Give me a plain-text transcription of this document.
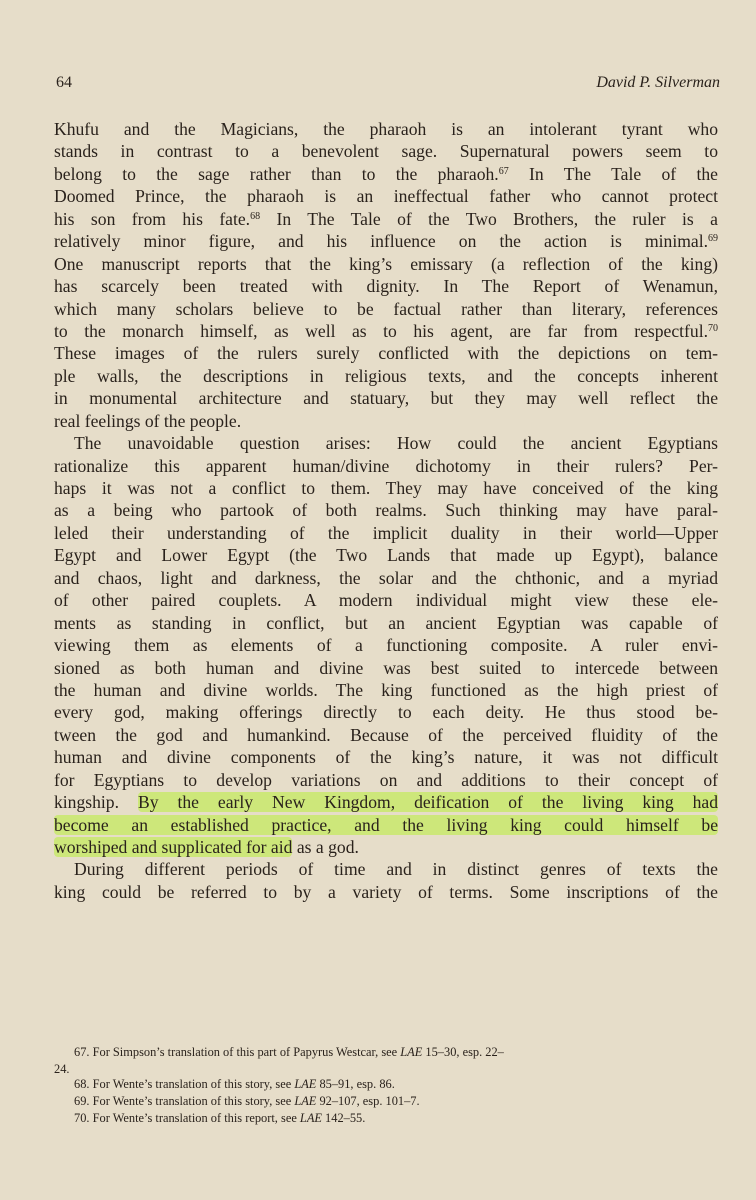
64	David P. Silverman
Khufu and the Magicians, the pharaoh is an intolerant tyrant who
stands in contrast to a benevolent sage. Supernatural powers seem to
belong to the sage rather than to the pharaoh.$^{67}$ In The Tale of the
Doomed Prince, the pharaoh is an ineffectual father who cannot protect
his son from his fate.$^{68}$ In The Tale of the Two Brothers, the ruler is a
relatively minor figure, and his influence on the action is minimal.$^{69}$
One manuscript reports that the king’s emissary (a reflection of the king)
has scarcely been treated with dignity. In The Report of Wenamun,
which many scholars believe to be factual rather than literary, references
to the monarch himself, as well as to his agent, are far from respectful.$^{70}$
These images of the rulers surely conflicted with the depictions on tem-
ple walls, the descriptions in religious texts, and the concepts inherent
in monumental architecture and statuary, but they may well reflect the
real feelings of the people.
The unavoidable question arises: How could the ancient Egyptians
rationalize this apparent human/divine dichotomy in their rulers? Per-
haps it was not a conflict to them. They may have conceived of the king
as a being who partook of both realms. Such thinking may have paral-
leled their understanding of the implicit duality in their world—Upper
Egypt and Lower Egypt (the Two Lands that made up Egypt), balance
and chaos, light and darkness, the solar and the chthonic, and a myriad
of other paired couplets. A modern individual might view these ele-
ments as standing in conflict, but an ancient Egyptian was capable of
viewing them as elements of a functioning composite. A ruler envi-
sioned as both human and divine was best suited to intercede between
the human and divine worlds. The king functioned as the high priest of
every god, making offerings directly to each deity. He thus stood be-
tween the god and humankind. Because of the perceived fluidity of the
human and divine components of the king’s nature, it was not difficult
for Egyptians to develop variations on and additions to their concept of
kingship. By the early New Kingdom, deification of the living king had
become an established practice, and the living king could himself be
worshiped and supplicated for aid as a god.
During different periods of time and in distinct genres of texts the
king could be referred to by a variety of terms. Some inscriptions of the
67. For Simpson’s translation of this part of Papyrus Westcar, see LAE 15–30, esp. 22–
24.
68. For Wente’s translation of this story, see LAE 85–91, esp. 86.
69. For Wente’s translation of this story, see LAE 92–107, esp. 101–7.
70. For Wente’s translation of this report, see LAE 142–55.
